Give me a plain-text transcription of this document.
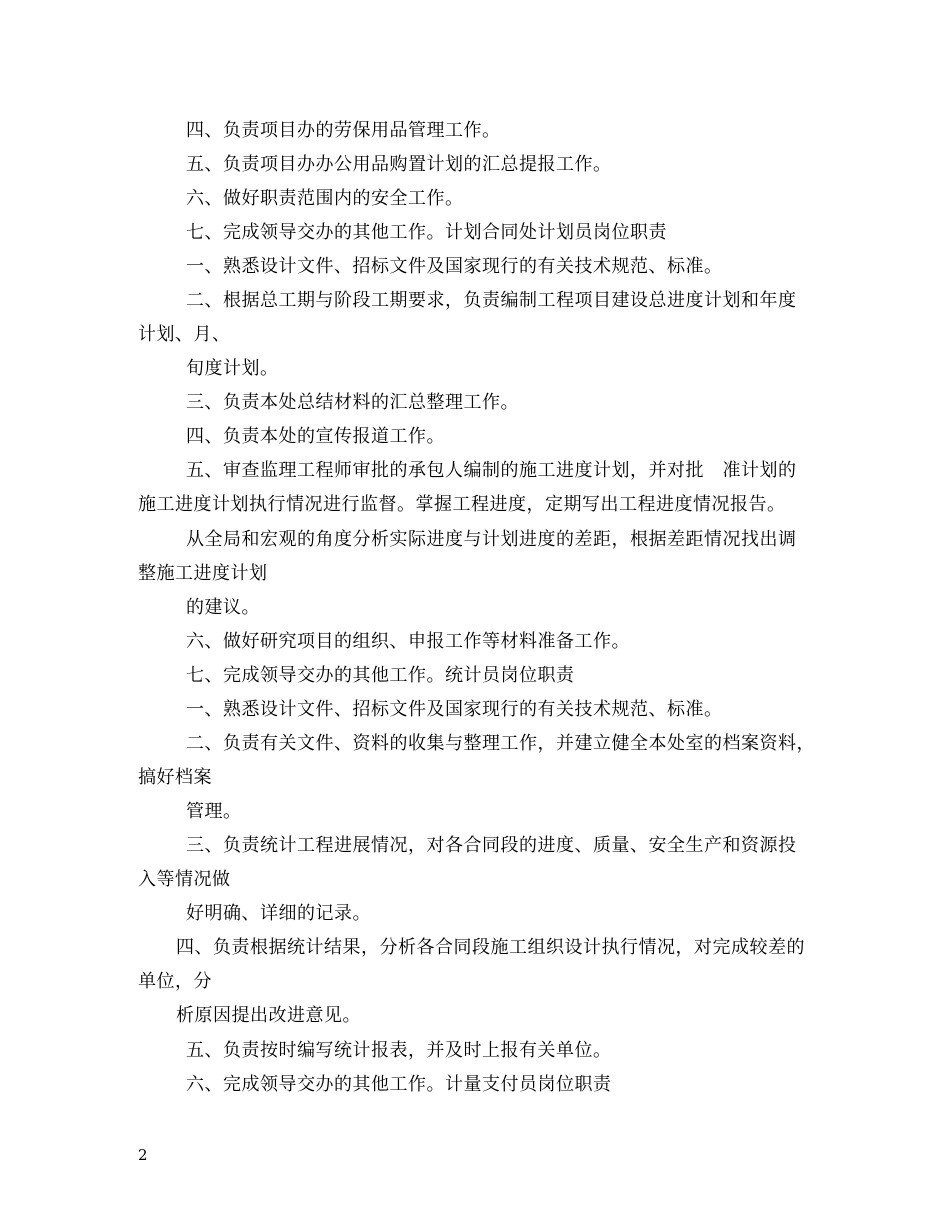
四、负责项目办的劳保用品管理工作。
五、负责项目办办公用品购置计划的汇总提报工作。
六、做好职责范围内的安全工作。
七、完成领导交办的其他工作。计划合同处计划员岗位职责
一、熟悉设计文件、招标文件及国家现行的有关技术规范、标准。
二、根据总工期与阶段工期要求，负责编制工程项目建设总进度计划和年度
计划、月、
旬度计划。
三、负责本处总结材料的汇总整理工作。
四、负责本处的宣传报道工作。
五、审查监理工程师审批的承包人编制的施工进度计划，并对批　准计划的
施工进度计划执行情况进行监督。掌握工程进度，定期写出工程进度情况报告。
从全局和宏观的角度分析实际进度与计划进度的差距，根据差距情况找出调
整施工进度计划
的建议。
六、做好研究项目的组织、申报工作等材料准备工作。
七、完成领导交办的其他工作。统计员岗位职责
一、熟悉设计文件、招标文件及国家现行的有关技术规范、标准。
二、负责有关文件、资料的收集与整理工作，并建立健全本处室的档案资料，
搞好档案
管理。
三、负责统计工程进展情况，对各合同段的进度、质量、安全生产和资源投
入等情况做
好明确、详细的记录。
四、负责根据统计结果，分析各合同段施工组织设计执行情况，对完成较差的
单位，分
析原因提出改进意见。
五、负责按时编写统计报表，并及时上报有关单位。
六、完成领导交办的其他工作。计量支付员岗位职责
2
